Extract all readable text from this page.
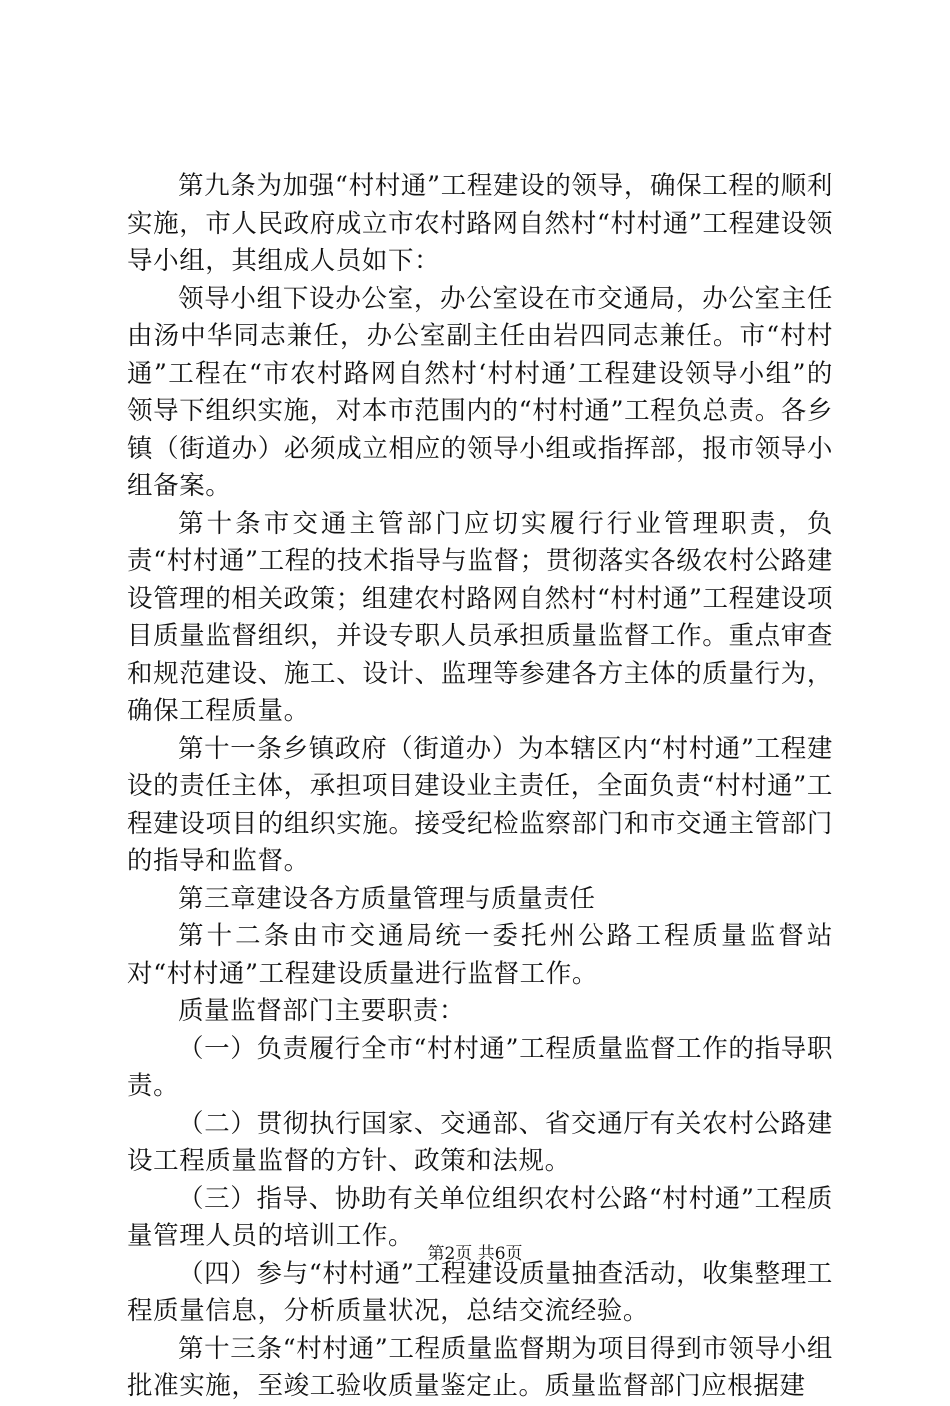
第九条为加强“村村通”工程建设的领导，确保工程的顺利实施，市人民政府成立市农村路网自然村“村村通”工程建设领导小组，其组成人员如下：

领导小组下设办公室，办公室设在市交通局，办公室主任由汤中华同志兼任，办公室副主任由岩四同志兼任。市“村村通”工程在“市农村路网自然村‘村村通’工程建设领导小组”的领导下组织实施，对本市范围内的“村村通”工程负总责。各乡镇（街道办）必须成立相应的领导小组或指挥部，报市领导小组备案。

第十条市交通主管部门应切实履行行业管理职责，负责“村村通”工程的技术指导与监督；贯彻落实各级农村公路建设管理的相关政策；组建农村路网自然村“村村通”工程建设项目质量监督组织，并设专职人员承担质量监督工作。重点审查和规范建设、施工、设计、监理等参建各方主体的质量行为，确保工程质量。

第十一条乡镇政府（街道办）为本辖区内“村村通”工程建设的责任主体，承担项目建设业主责任，全面负责“村村通”工程建设项目的组织实施。接受纪检监察部门和市交通主管部门的指导和监督。

第三章建设各方质量管理与质量责任

第十二条由市交通局统一委托州公路工程质量监督站对“村村通”工程建设质量进行监督工作。

质量监督部门主要职责：

（一）负责履行全市“村村通”工程质量监督工作的指导职责。

（二）贯彻执行国家、交通部、省交通厅有关农村公路建设工程质量监督的方针、政策和法规。

（三）指导、协助有关单位组织农村公路“村村通”工程质量管理人员的培训工作。

（四）参与“村村通”工程建设质量抽查活动，收集整理工程质量信息，分析质量状况，总结交流经验。

第十三条“村村通”工程质量监督期为项目得到市领导小组批准实施，至竣工验收质量鉴定止。质量监督部门应根据建

第2页 共6页
